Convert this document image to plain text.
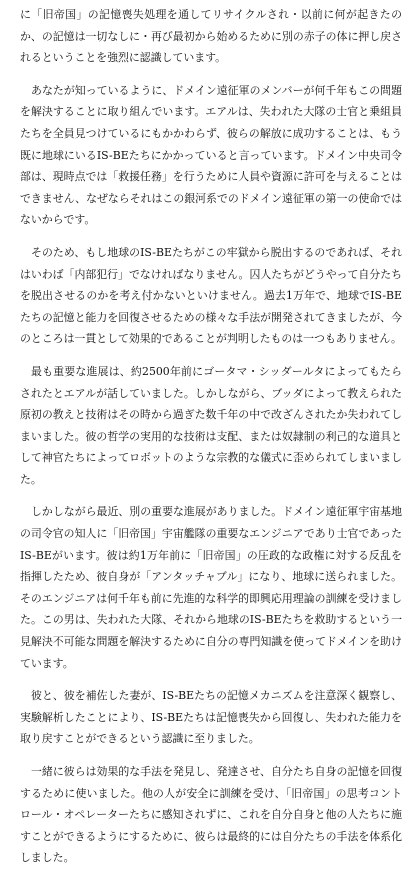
に「旧帝国」の記憶喪失処理を通してリサイクルされ・以前に何が起きたのか、の記憶は一切なしに・再び最初から始めるために別の赤子の体に押し戻されるということを強烈に認識しています。

あなたが知っているように、ドメイン遠征軍のメンバーが何千年もこの問題を解決することに取り組んでいます。エアルは、失われた大隊の士官と乗組員たちを全員見つけているにもかかわらず、彼らの解放に成功することは、もう既に地球にいるIS-BEたちにかかっていると言っています。ドメイン中央司令部は、現時点では「救援任務」を行うために人員や資源に許可を与えることはできません、なぜならそれはこの銀河系でのドメイン遠征軍の第一の使命ではないからです。

そのため、もし地球のIS-BEたちがこの牢獄から脱出するのであれば、それはいわば「内部犯行」でなければなりません。囚人たちがどうやって自分たちを脱出させるのかを考え付かないといけません。過去1万年で、地球でIS-BEたちの記憶と能力を回復させるための様々な手法が開発されてきましたが、今のところは一貫として効果的であることが判明したものは一つもありません。

最も重要な進展は、約2500年前にゴータマ・シッダールタによってもたらされたとエアルが話していました。しかしながら、ブッダによって教えられた原初の教えと技術はその時から過ぎた数千年の中で改ざんされたか失われてしまいました。彼の哲学の実用的な技術は支配、または奴隷制の利己的な道具として神官たちによってロボットのような宗教的な儀式に歪められてしまいました。

しかしながら最近、別の重要な進展がありました。ドメイン遠征軍宇宙基地の司令官の知人に「旧帝国」宇宙艦隊の重要なエンジニアであり士官であったIS-BEがいます。彼は約1万年前に「旧帝国」の圧政的な政権に対する反乱を指揮したため、彼自身が「アンタッチャブル」になり、地球に送られました。そのエンジニアは何千年も前に先進的な科学的即興応用理論の訓練を受けました。この男は、失われた大隊、それから地球のIS-BEたちを救助するという一見解決不可能な問題を解決するために自分の専門知識を使ってドメインを助けています。

彼と、彼を補佐した妻が、IS-BEたちの記憶メカニズムを注意深く観察し、実験解析したことにより、IS-BEたちは記憶喪失から回復し、失われた能力を取り戻すことができるという認識に至りました。

一緒に彼らは効果的な手法を発見し、発達させ、自分たち自身の記憶を回復するために使いました。他の人が安全に訓練を受け、「旧帝国」の思考コントロール・オペレーターたちに感知されずに、これを自分自身と他の人たちに施すことができるようにするために、彼らは最終的には自分たちの手法を体系化しました。
